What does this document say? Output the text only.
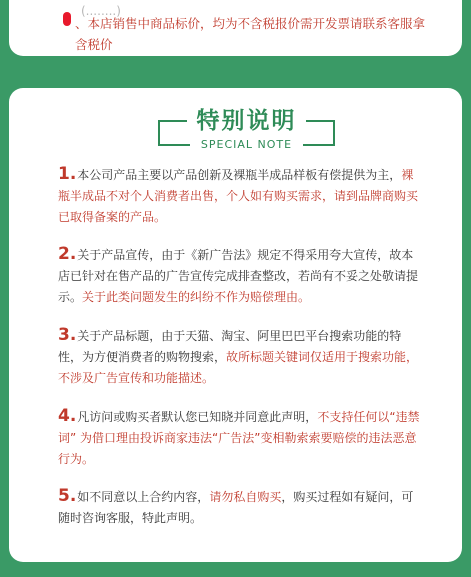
(........)
、本店销售中商品标价，均为不含税报价需开发票请联系客服拿含税价
特别说明
SPECIAL NOTE
1.本公司产品主要以产品创新及裸瓶半成品样板有偿提供为主，裸瓶半成品不对个人消费者出售，个人如有购买需求，请到品牌商购买已取得备案的产品。
2.关于产品宣传，由于《新广告法》规定不得采用夸大宣传，故本店已针对在售产品的广告宣传完成排查整改，若尚有不妥之处敬请提示。关于此类问题发生的纠纷不作为赔偿理由。
3.关于产品标题，由于天猫、淘宝、阿里巴巴平台搜索功能的特性，为方便消费者的购物搜索，故所标题关键词仅适用于搜索功能，不涉及广告宣传和功能描述。
4.凡访问或购买者默认您已知晓并同意此声明，不支持任何以“违禁词” 为借口理由投诉商家违法“广告法”变相勒索索要赔偿的违法恶意行为。
5.如不同意以上合约内容，请勿私自购买，购买过程如有疑问，可随时咨询客服，特此声明。
